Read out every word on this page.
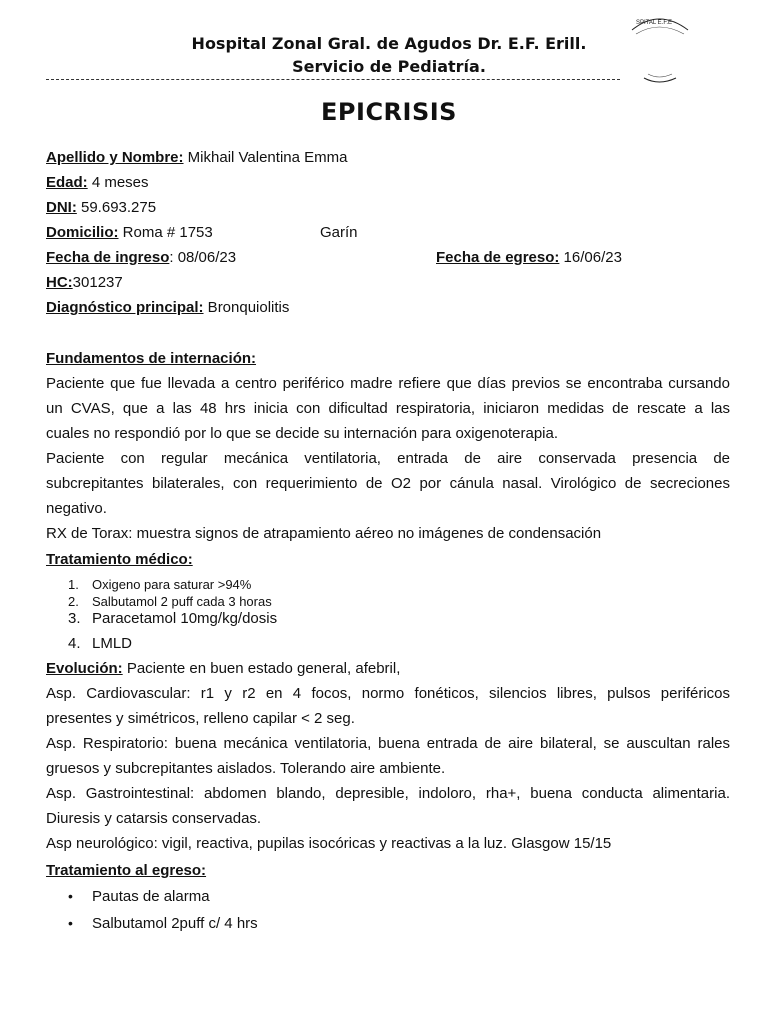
Hospital Zonal Gral. de Agudos Dr. E.F. Erill.
Servicio de Pediatría.
SPITAL E.F.E
EPICRISIS
Apellido y Nombre: Mikhail Valentina Emma
Edad: 4 meses
DNI: 59.693.275
Domicilio: Roma # 1753	Garín
Fecha de ingreso: 08/06/23	Fecha de egreso: 16/06/23
HC:301237
Diagnóstico principal: Bronquiolitis
Fundamentos de internación:
Paciente que fue llevada a centro periférico madre refiere que días previos se encontraba cursando
un CVAS, que a las 48 hrs inicia con dificultad respiratoria, iniciaron medidas de rescate a las
cuales no respondió por lo que se decide su internación para oxigenoterapia.
Paciente con regular mecánica ventilatoria, entrada de aire conservada presencia de
subcrepitantes bilaterales, con requerimiento de O2 por cánula nasal. Virológico de secreciones
negativo.
RX de Torax: muestra signos de atrapamiento aéreo no imágenes de condensación
Tratamiento médico:
1. Oxigeno para saturar >94%
2. Salbutamol 2 puff cada 3 horas
3. Paracetamol 10mg/kg/dosis
4. LMLD
Evolución: Paciente en buen estado general, afebril,
Asp. Cardiovascular: r1 y r2 en 4 focos, normo fonéticos, silencios libres, pulsos periféricos
presentes y simétricos, relleno capilar < 2 seg.
Asp. Respiratorio: buena mecánica ventilatoria, buena entrada de aire bilateral, se auscultan rales
gruesos y subcrepitantes aislados. Tolerando aire ambiente.
Asp. Gastrointestinal: abdomen blando, depresible, indoloro, rha+, buena conducta alimentaria.
Diuresis y catarsis conservadas.
Asp neurológico: vigil, reactiva, pupilas isocóricas y reactivas a la luz. Glasgow 15/15
Tratamiento al egreso:
• Pautas de alarma
• Salbutamol 2puff c/ 4 hrs
